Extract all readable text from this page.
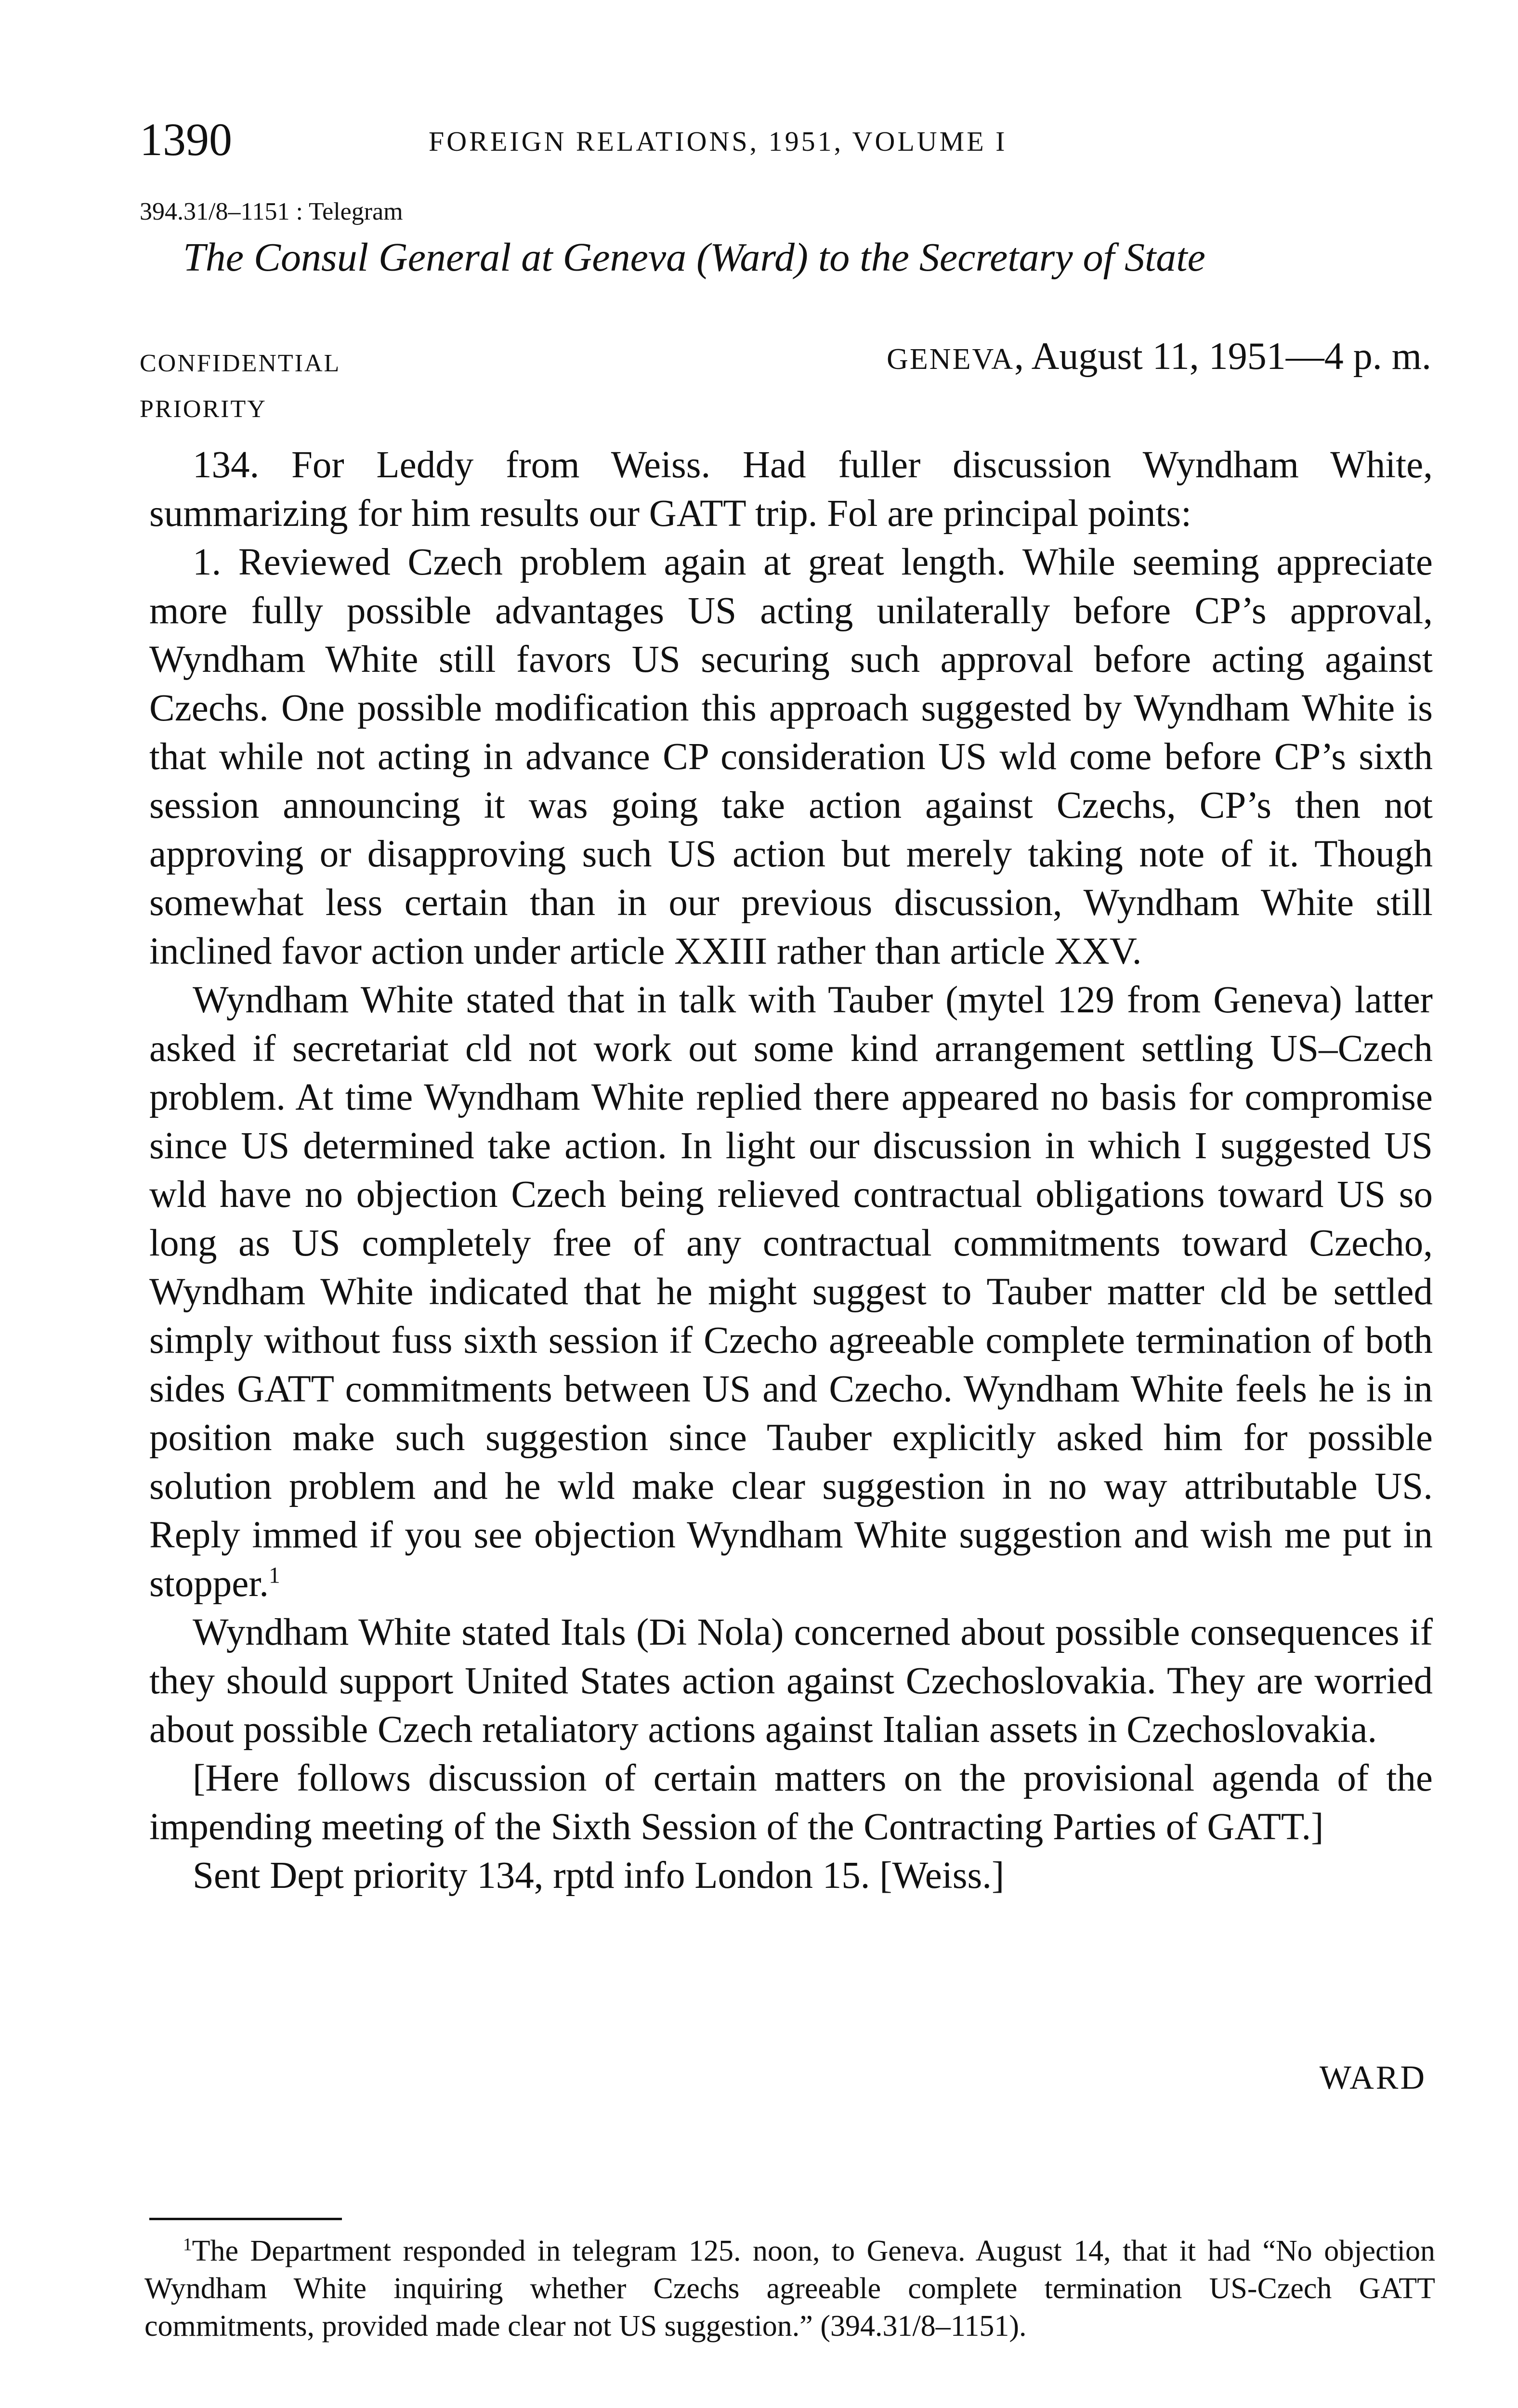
1390	FOREIGN RELATIONS, 1951, VOLUME I
394.31/8–1151 : Telegram
The Consul General at Geneva (Ward) to the Secretary of State
CONFIDENTIAL	GENEVA, August 11, 1951—4 p. m.
PRIORITY

134. For Leddy from Weiss. Had fuller discussion Wyndham White, summarizing for him results our GATT trip. Fol are principal points:

1. Reviewed Czech problem again at great length. While seeming appreciate more fully possible advantages US acting unilaterally before CP’s approval, Wyndham White still favors US securing such approval before acting against Czechs. One possible modification this approach suggested by Wyndham White is that while not acting in advance CP consideration US wld come before CP’s sixth session announcing it was going take action against Czechs, CP’s then not approving or disapproving such US action but merely taking note of it. Though somewhat less certain than in our previous discussion, Wyndham White still inclined favor action under article XXIII rather than article XXV.

Wyndham White stated that in talk with Tauber (mytel 129 from Geneva) latter asked if secretariat cld not work out some kind arrangement settling US–Czech problem. At time Wyndham White replied there appeared no basis for compromise since US determined take action. In light our discussion in which I suggested US wld have no objection Czech being relieved contractual obligations toward US so long as US completely free of any contractual commitments toward Czecho, Wyndham White indicated that he might suggest to Tauber matter cld be settled simply without fuss sixth session if Czecho agreeable complete termination of both sides GATT commitments between US and Czecho. Wyndham White feels he is in position make such suggestion since Tauber explicitly asked him for possible solution problem and he wld make clear suggestion in no way attributable US. Reply immed if you see objection Wyndham White suggestion and wish me put in stopper.$^1$

Wyndham White stated Itals (Di Nola) concerned about possible consequences if they should support United States action against Czechoslovakia. They are worried about possible Czech retaliatory actions against Italian assets in Czechoslovakia.

[Here follows discussion of certain matters on the provisional agenda of the impending meeting of the Sixth Session of the Contracting Parties of GATT.]

Sent Dept priority 134, rptd info London 15. [Weiss.]

WARD

$^1$The Department responded in telegram 125. noon, to Geneva. August 14, that it had “No objection Wyndham White inquiring whether Czechs agreeable complete termination US-Czech GATT commitments, provided made clear not US suggestion.” (394.31/8–1151).
